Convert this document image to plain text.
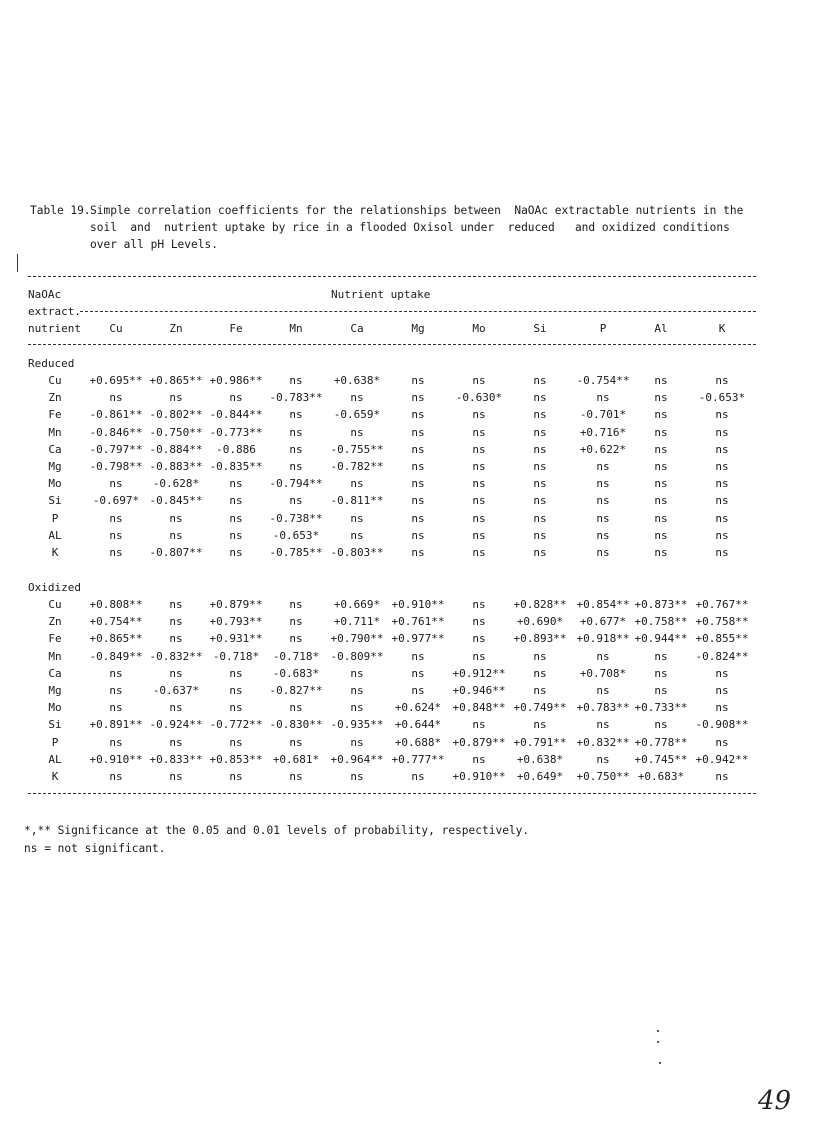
Table 19.Simple correlation coefficients for the relationships between  NaOAc extractable nutrients in the
soil  and  nutrient uptake by rice in a flooded Oxisol under  reduced   and oxidized conditions
over all pH Levels.
NaOAc
extract.
nutrient
Nutrient uptake
Cu	Zn	Fe	Mn	Ca	Mg	Mo	Si	P	Al	K
Reduced
Cu	+0.695** +0.865** +0.986**	ns	+0.638*	ns	ns	ns	-0.754**	ns	ns
Zn	ns	ns	ns	-0.783**	ns	ns	-0.630*	ns	ns	ns	-0.653*
Fe	-0.861** -0.802** -0.844**	ns	-0.659*	ns	ns	ns	-0.701*	ns	ns
Mn	-0.846** -0.750** -0.773**	ns	ns	ns	ns	ns	+0.716*	ns	ns
Ca	-0.797** -0.884**	-0.886	ns	-0.755**	ns	ns	ns	+0.622*	ns	ns
Mg	-0.798** -0.883** -0.835**	ns	-0.782**	ns	ns	ns	ns	ns	ns
Mo	ns	-0.628*	ns	-0.794**	ns	ns	ns	ns	ns	ns	ns
Si	-0.697* -0.845**	ns	ns	-0.811**	ns	ns	ns	ns	ns	ns
P	ns	ns	ns	-0.738**	ns	ns	ns	ns	ns	ns	ns
AL	ns	ns	ns	-0.653*	ns	ns	ns	ns	ns	ns	ns
K	ns	-0.807**	ns	-0.785** -0.803**	ns	ns	ns	ns	ns	ns
Oxidized
Cu	+0.808**	ns	+0.879**	ns	+0.669*	+0.910**	ns	+0.828** +0.854** +0.873** +0.767**
Zn	+0.754**	ns	+0.793**	ns	+0.711*	+0.761**	ns	+0.690*	+0.677* +0.758** +0.758**
Fe	+0.865**	ns	+0.931**	ns	+0.790** +0.977**	ns	+0.893** +0.918** +0.944** +0.855**
Mn	-0.849** -0.832** -0.718*	-0.718*	-0.809**	ns	ns	ns	ns	ns	-0.824**
Ca	ns	ns	ns	-0.683*	ns	ns	+0.912**	ns	+0.708*	ns	ns
Mg	ns	-0.637*	ns	-0.827**	ns	ns	+0.946**	ns	ns	ns	ns
Mo	ns	ns	ns	ns	ns	+0.624*	+0.848** +0.749** +0.783** +0.733**	ns
Si	+0.891** -0.924** -0.772** -0.830** -0.935**	+0.644*	ns	ns	ns	ns	-0.908**
P	ns	ns	ns	ns	ns	+0.688*	+0.879** +0.791** +0.832** +0.778**	ns
AL	+0.910** +0.833** +0.853** +0.681*	+0.964** +0.777**	ns	+0.638*	ns	+0.745** +0.942**
K	ns	ns	ns	ns	ns	ns	+0.910**	+0.649*	+0.750** +0.683*	ns
*,** Significance at the 0.05 and 0.01 levels of probability, respectively.
ns = not significant.
49
